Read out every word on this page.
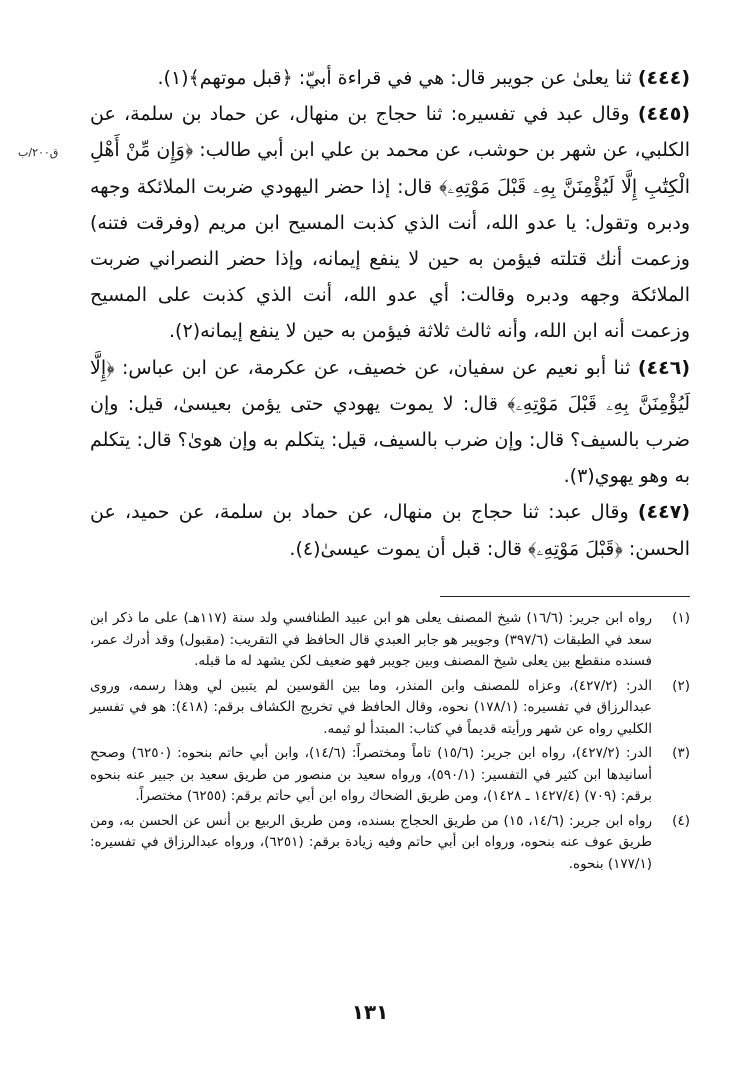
(٤٤٤) ثنا يعلىٰ عن جويبر قال: هي في قراءة أبيّ: ﴿قبل موتهم﴾(١).

(٤٤٥) وقال عبد في تفسيره: ثنا حجاج بن منهال، عن حماد بن سلمة، عن الكلبي، عن شهر بن حوشب، عن محمد بن علي ابن أبي طالب: ﴿وَإِن مِّنْ أَهْلِ الْكِتَٰبِ إِلَّا لَيُؤْمِنَنَّ بِهِۦ قَبْلَ مَوْتِهِۦ﴾ قال: إذا حضر اليهودي ضربت الملائكة وجهه ودبره وتقول: يا عدو الله، أنت الذي كذبت المسيح ابن مريم (وفرقت فتنه) وزعمت أنك قتلته فيؤمن به حين لا ينفع إيمانه، وإذا حضر النصراني ضربت الملائكة وجهه ودبره وقالت: أي عدو الله، أنت الذي كذبت على المسيح وزعمت أنه ابن الله، وأنه ثالث ثلاثة فيؤمن به حين لا ينفع إيمانه(٢).

(٤٤٦) ثنا أبو نعيم عن سفيان، عن خصيف، عن عكرمة، عن ابن عباس: ﴿إِلَّا لَيُؤْمِنَنَّ بِهِۦ قَبْلَ مَوْتِهِۦ﴾ قال: لا يموت يهودي حتى يؤمن بعيسىٰ، قيل: وإن ضرب بالسيف؟ قال: وإن ضرب بالسيف، قيل: يتكلم به وإن هوىٰ؟ قال: يتكلم به وهو يهوي(٣).

(٤٤٧) وقال عبد: ثنا حجاج بن منهال، عن حماد بن سلمة، عن حميد، عن الحسن: ﴿قَبْلَ مَوْتِهِۦ﴾ قال: قبل أن يموت عيسىٰ(٤).

ق٢٠٠/ب
(١)
رواه ابن جرير: (١٦/٦) شيخ المصنف يعلى هو ابن عبيد الطنافسي ولد سنة (١١٧هـ) على ما ذكر ابن سعد في الطبقات (٣٩٧/٦) وجويبر هو جابر العبدي قال الحافظ في التقريب: (مقبول) وقد أدرك عمر، فسنده منقطع بين يعلى شيخ المصنف وبين جويبر فهو ضعيف لكن يشهد له ما قبله.
(٢)
الدر: (٤٢٧/٢)، وعزاه للمصنف وابن المنذر، وما بين القوسين لم يتبين لي وهذا رسمه، وروى عبدالرزاق في تفسيره: (١٧٨/١) نحوه، وقال الحافظ في تخريج الكشاف برقم: (٤١٨): هو في تفسير الكلبي رواه عن شهر ورأيته قديماً في كتاب: المبتدأ لو ثيمه.
(٣)
الدر: (٤٢٧/٢)، رواه ابن جرير: (١٥/٦) تاماً ومختصراً: (١٤/٦)، وابن أبي حاتم بنحوه: (٦٢٥٠) وصحح أسانيدها ابن كثير في التفسير: (٥٩٠/١)، ورواه سعيد بن منصور من طريق سعيد بن جبير عنه بنحوه برقم: (٧٠٩) (١٤٢٧/٤ ـ ١٤٢٨)، ومن طريق الضحاك رواه ابن أبي حاتم برقم: (٦٢٥٥) مختصراً.
(٤)
رواه ابن جرير: (١٤/٦، ١٥) من طريق الحجاج بسنده، ومن طريق الربيع بن أنس عن الحسن به، ومن طريق عوف عنه بنحوه، ورواه ابن أبي حاتم وفيه زيادة برقم: (٦٢٥١)، ورواه عبدالرزاق في تفسيره: (١٧٧/١) بنحوه.
١٣١
